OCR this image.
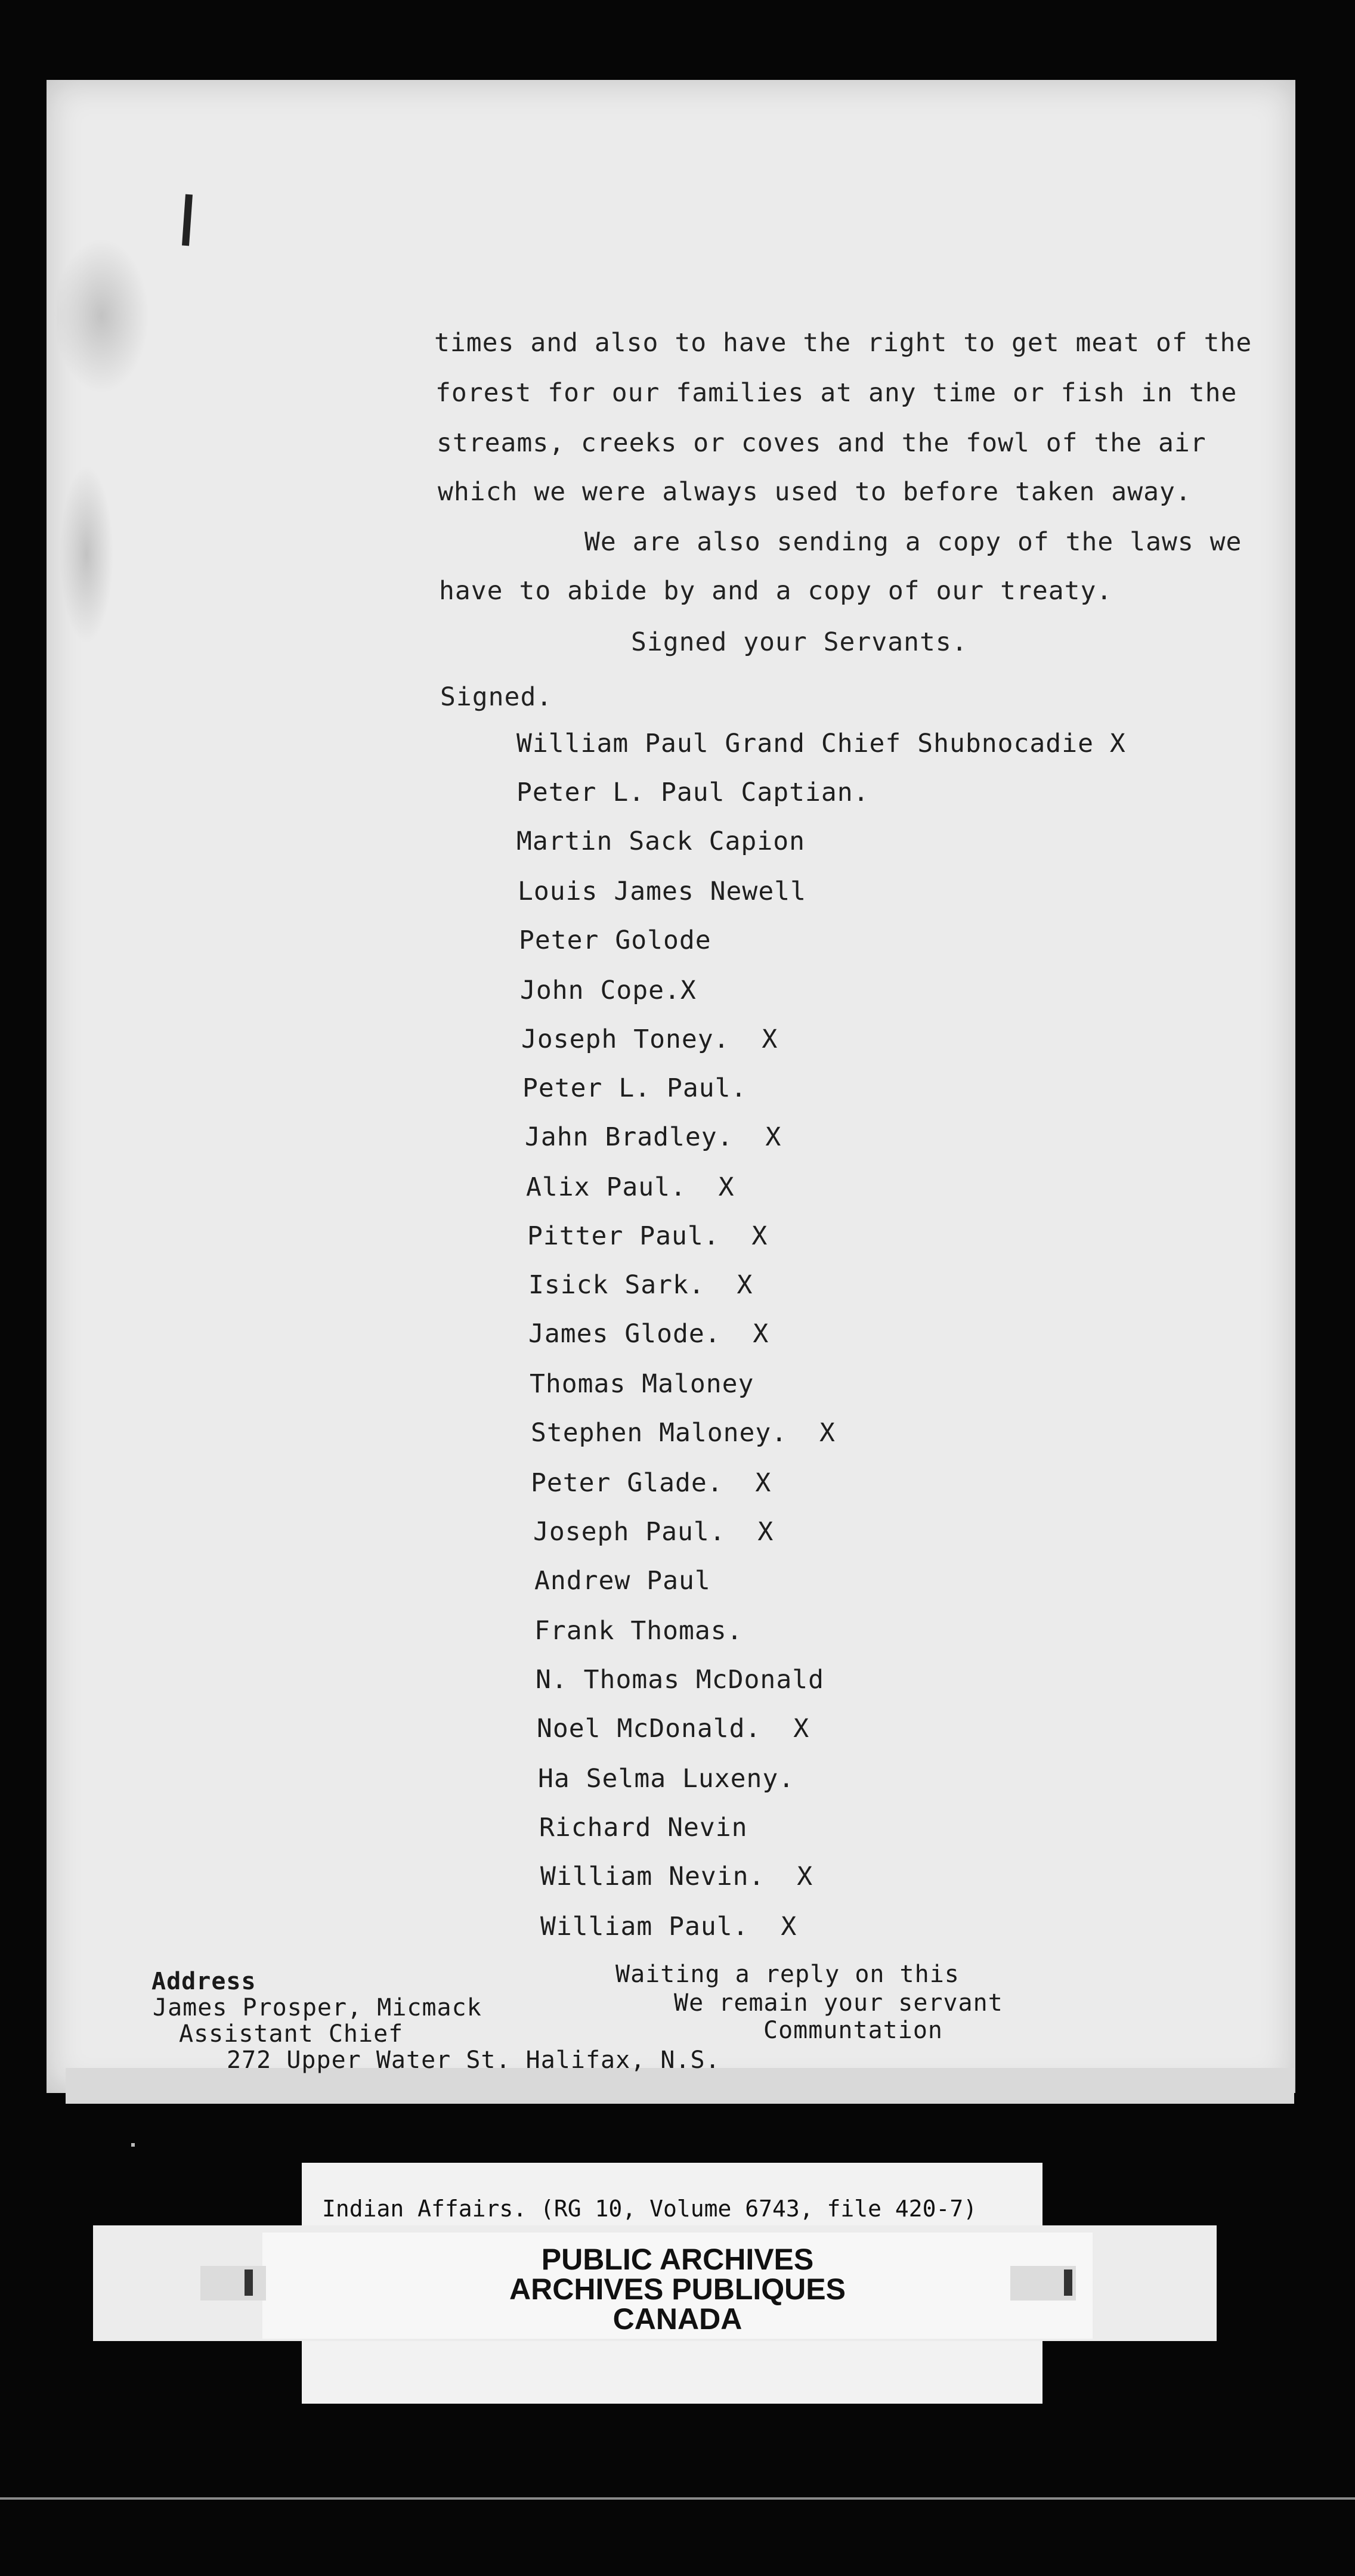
times and also to have the right to get meat of the
forest for our families at any time or fish in the
streams, creeks or coves and the fowl of the air
which we were always used to before taken away.
We are also sending a copy of the laws we
have to abide by and a copy of our treaty.
Signed your Servants.
Signed.
William Paul Grand Chief Shubnocadie X
Peter L. Paul Captian.
Martin Sack Capion
Louis James Newell
Peter Golode
John Cope.X
Joseph Toney.  X
Peter L. Paul.
Jahn Bradley.  X
Alix Paul.  X
Pitter Paul.  X
Isick Sark.  X
James Glode.  X
Thomas Maloney
Stephen Maloney.  X
Peter Glade.  X
Joseph Paul.  X
Andrew Paul
Frank Thomas.
N. Thomas McDonald
Noel McDonald.  X
Ha Selma Luxeny.
Richard Nevin
William Nevin.  X
William Paul.  X
Address
James Prosper, Micmack
Assistant Chief
272 Upper Water St. Halifax, N.S.
Waiting a reply on this
We remain your servant
Communtation
Indian Affairs. (RG 10, Volume 6743, file 420-7)
PUBLIC ARCHIVES
ARCHIVES PUBLIQUES
CANADA
